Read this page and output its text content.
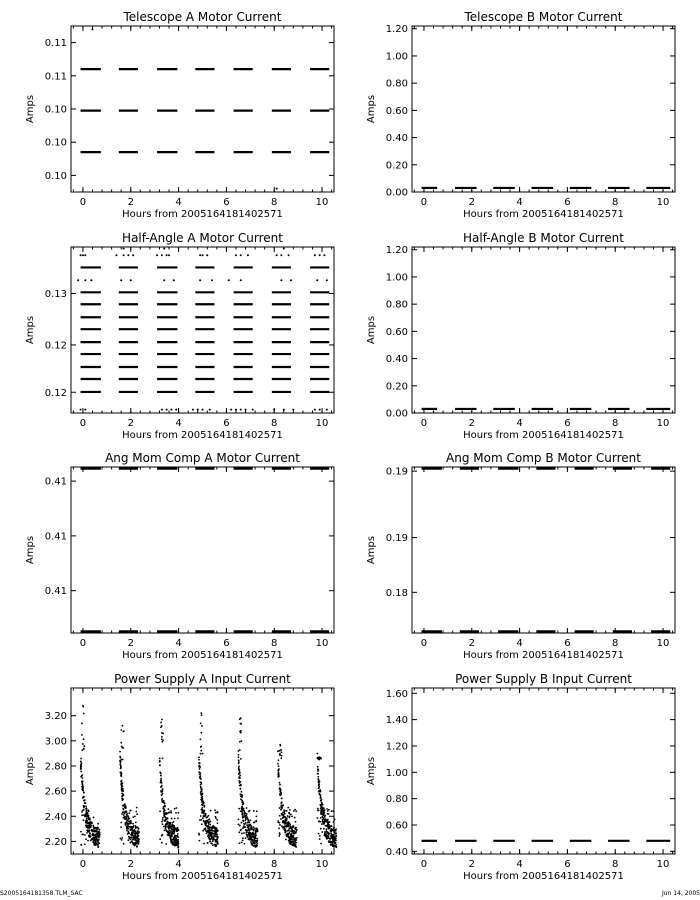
Telescope A Motor Current
0	2	4	6	8	10
Hours from 2005164181402571
0.10
0.10
0.10
0.11
0.11
Amps
Telescope B Motor Current
0	2	4	6	8	10
Hours from 2005164181402571
0.00
0.20
0.40
0.60
0.80
1.00
1.20
Amps
Half-Angle A Motor Current
0	2	4	6	8	10
Hours from 2005164181402571
0.12
0.12
0.13
Amps
Half-Angle B Motor Current
0	2	4	6	8	10
Hours from 2005164181402571
0.00
0.20
0.40
0.60
0.80
1.00
1.20
Amps
Ang Mom Comp A Motor Current
0	2	4	6	8	10
Hours from 2005164181402571
0.41
0.41
0.41
Amps
Ang Mom Comp B Motor Current
0	2	4	6	8	10
Hours from 2005164181402571
0.18
0.19
0.19
Amps
Power Supply A Input Current
0	2	4	6	8	10
Hours from 2005164181402571
2.20
2.40
2.60
2.80
3.00
3.20
Amps
Power Supply B Input Current
0	2	4	6	8	10
Hours from 2005164181402571
0.40
0.60
0.80
1.00
1.20
1.40
1.60
Amps
S2005164181358.TLM_SAC	Jun 14, 2005
